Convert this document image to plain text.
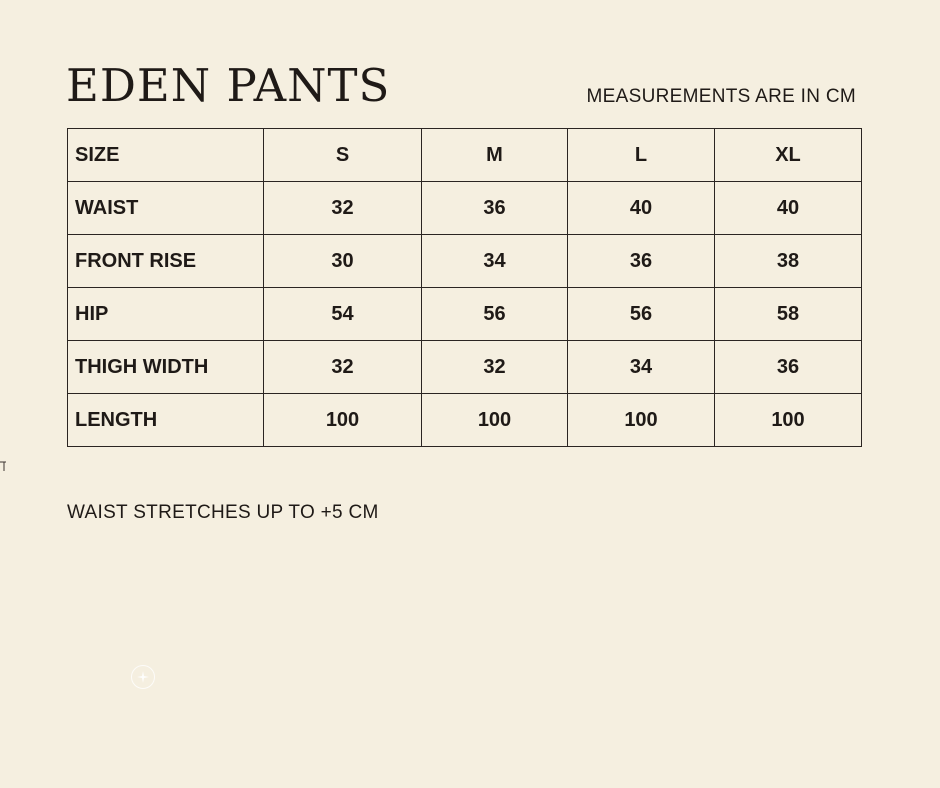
EDEN PANTS	MEASUREMENTS ARE IN CM
SIZE	S	M	L	XL
WAIST	32	36	40	40
FRONT RISE	30	34	36	38
HIP	54	56	56	58
THIGH WIDTH	32	32	34	36
LENGTH	100	100	100	100
WAIST STRETCHES UP TO +5 CM
